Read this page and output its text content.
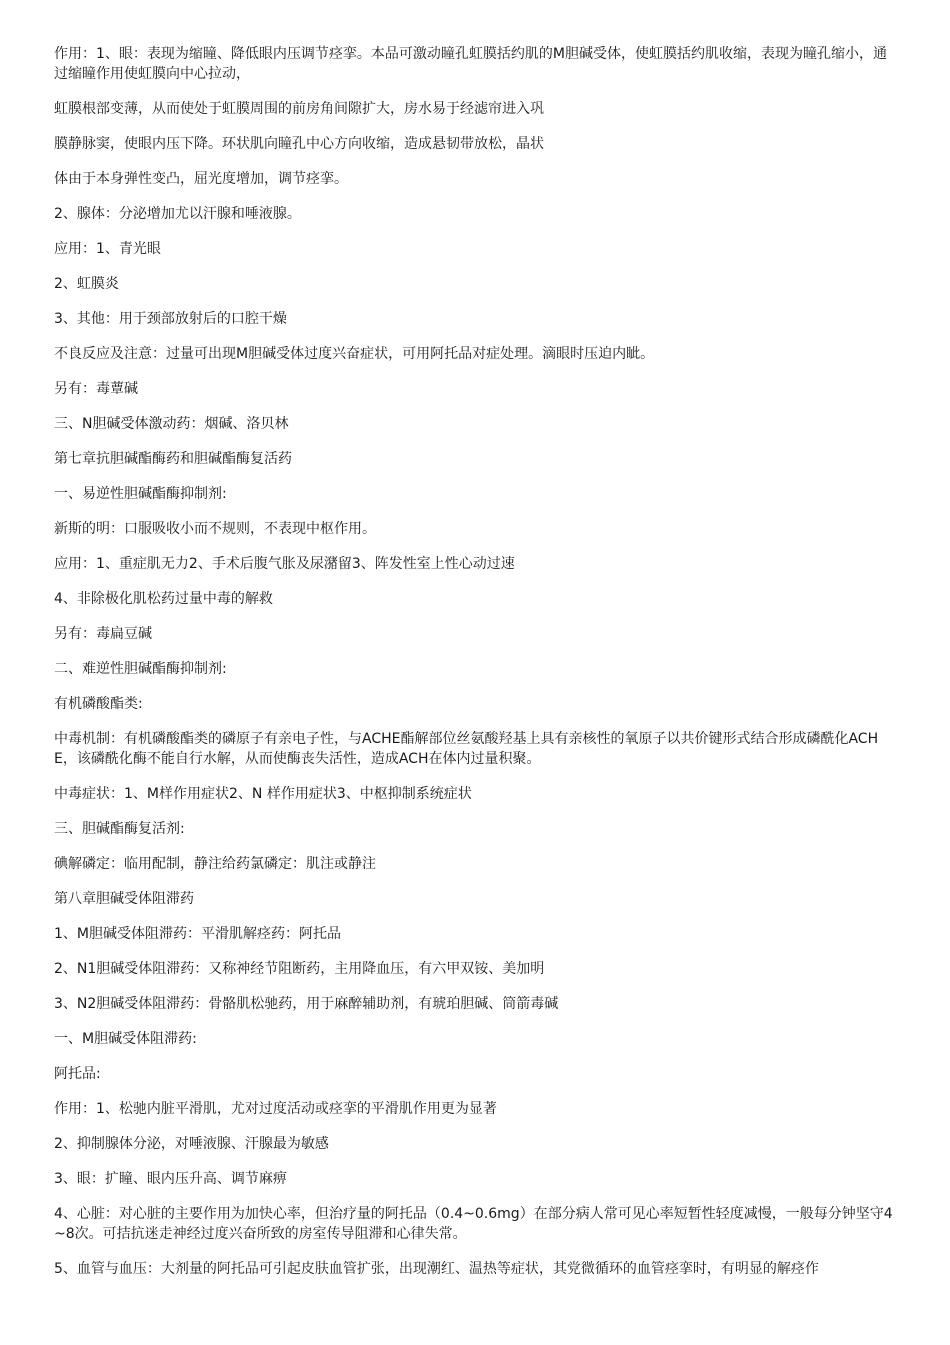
作用：1、眼：表现为缩瞳、降低眼内压调节痉挛。本品可激动瞳孔虹膜括约肌的M胆碱受体，使虹膜括约肌收缩，表现为瞳孔缩小，通过缩瞳作用使虹膜向中心拉动，

虹膜根部变薄，从而使处于虹膜周围的前房角间隙扩大，房水易于经滤帘进入巩

膜静脉窦，使眼内压下降。环状肌向瞳孔中心方向收缩，造成悬韧带放松，晶状

体由于本身弹性变凸，屈光度增加，调节痉挛。

2、腺体：分泌增加尤以汗腺和唾液腺。

应用：1、青光眼

2、虹膜炎

3、其他：用于颈部放射后的口腔干燥

不良反应及注意：过量可出现M胆碱受体过度兴奋症状，可用阿托品对症处理。滴眼时压迫内眦。

另有：毒蕈碱

三、N胆碱受体激动药：烟碱、洛贝林

第七章抗胆碱酯酶药和胆碱酯酶复活药

一、易逆性胆碱酯酶抑制剂:

新斯的明：口服吸收小而不规则，不表现中枢作用。

应用：1、重症肌无力2、手术后腹气胀及尿潴留3、阵发性室上性心动过速

4、非除极化肌松药过量中毒的解救

另有：毒扁豆碱

二、难逆性胆碱酯酶抑制剂:

有机磷酸酯类:

中毒机制：有机磷酸酯类的磷原子有亲电子性，与ACHE酯解部位丝氨酸羟基上具有亲核性的氧原子以共价键形式结合形成磷酰化ACHE，该磷酰化酶不能自行水解，从而使酶丧失活性，造成ACH在体内过量积聚。

中毒症状：1、M样作用症状2、N 样作用症状3、中枢抑制系统症状

三、胆碱酯酶复活剂:

碘解磷定：临用配制，静注给药氯磷定：肌注或静注

第八章胆碱受体阻滞药

1、M胆碱受体阻滞药：平滑肌解痉药：阿托品

2、N1胆碱受体阻滞药：又称神经节阻断药，主用降血压，有六甲双铵、美加明

3、N2胆碱受体阻滞药：骨骼肌松驰药，用于麻醉辅助剂，有琥珀胆碱、筒箭毒碱

一、M胆碱受体阻滞药:

阿托品:

作用：1、松驰内脏平滑肌，尤对过度活动或痉挛的平滑肌作用更为显著

2、抑制腺体分泌，对唾液腺、汗腺最为敏感

3、眼：扩瞳、眼内压升高、调节麻痹

4、心脏：对心脏的主要作用为加快心率，但治疗量的阿托品（0.4~0.6mg）在部分病人常可见心率短暂性轻度减慢，一般每分钟坚守4~8次。可拮抗迷走神经过度兴奋所致的房室传导阻滞和心律失常。

5、血管与血压：大剂量的阿托品可引起皮肤血管扩张，出现潮红、温热等症状，其党微循环的血管痉挛时，有明显的解痉作
